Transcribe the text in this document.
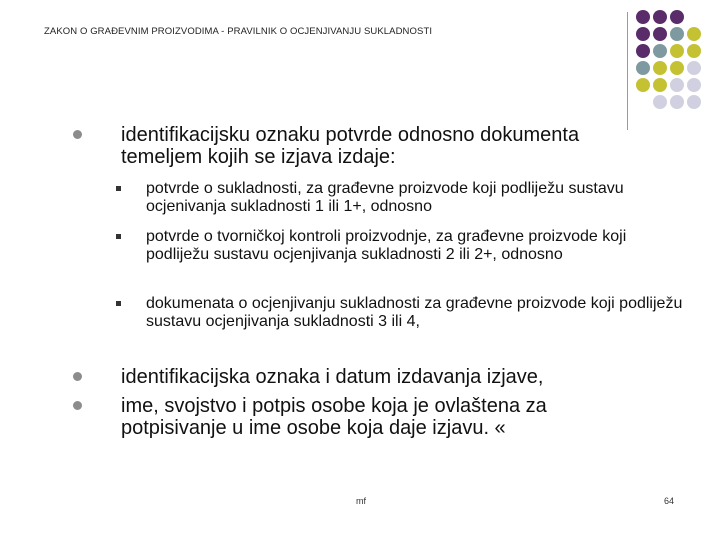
ZAKON O GRAĐEVNIM PROIZVODIMA - PRAVILNIK O OCJENJIVANJU SUKLADNOSTI
identifikacijsku oznaku potvrde odnosno dokumenta temeljem kojih se izjava izdaje:
potvrde o sukladnosti, za građevne proizvode koji podliježu sustavu ocjenivanja sukladnosti 1 ili 1+, odnosno
potvrde o tvorničkoj kontroli proizvodnje, za građevne proizvode koji podliježu sustavu ocjenjivanja sukladnosti 2 ili 2+, odnosno
dokumenata o ocjenjivanju sukladnosti za građevne proizvode koji podliježu sustavu ocjenjivanja sukladnosti 3 ili 4,
identifikacijska oznaka i datum izdavanja izjave,
ime, svojstvo i potpis osobe koja je ovlaštena za potpisivanje u ime osobe koja daje izjavu. «
mf	64
